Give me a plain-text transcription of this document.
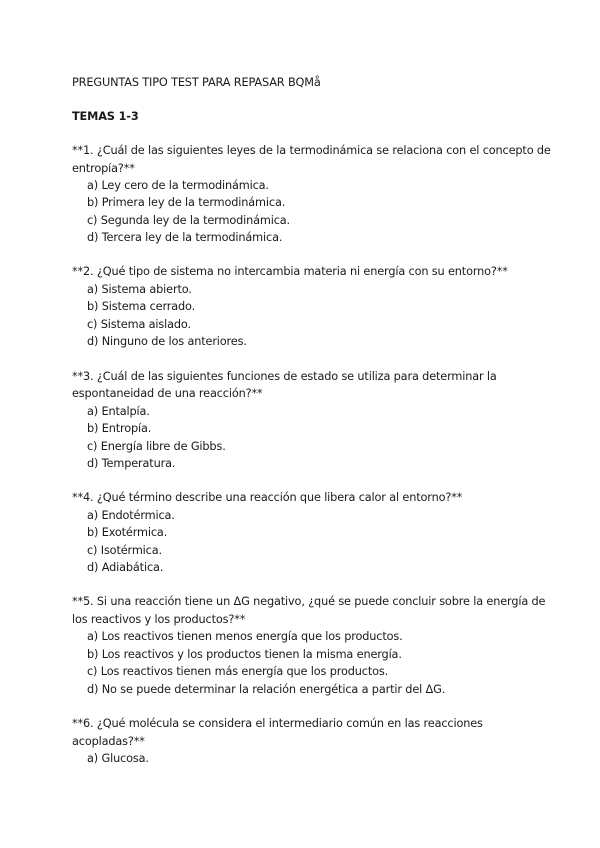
PREGUNTAS TIPO TEST PARA REPASAR BQMå
TEMAS 1-3
**1. ¿Cuál de las siguientes leyes de la termodinámica se relaciona con el concepto de
entropía?**
a) Ley cero de la termodinámica.
b) Primera ley de la termodinámica.
c) Segunda ley de la termodinámica.
d) Tercera ley de la termodinámica.
**2. ¿Qué tipo de sistema no intercambia materia ni energía con su entorno?**
a) Sistema abierto.
b) Sistema cerrado.
c) Sistema aislado.
d) Ninguno de los anteriores.
**3. ¿Cuál de las siguientes funciones de estado se utiliza para determinar la
espontaneidad de una reacción?**
a) Entalpía.
b) Entropía.
c) Energía libre de Gibbs.
d) Temperatura.
**4. ¿Qué término describe una reacción que libera calor al entorno?**
a) Endotérmica.
b) Exotérmica.
c) Isotérmica.
d) Adiabática.
**5. Si una reacción tiene un ΔG negativo, ¿qué se puede concluir sobre la energía de
los reactivos y los productos?**
a) Los reactivos tienen menos energía que los productos.
b) Los reactivos y los productos tienen la misma energía.
c) Los reactivos tienen más energía que los productos.
d) No se puede determinar la relación energética a partir del ΔG.
**6. ¿Qué molécula se considera el intermediario común en las reacciones
acopladas?**
a) Glucosa.
